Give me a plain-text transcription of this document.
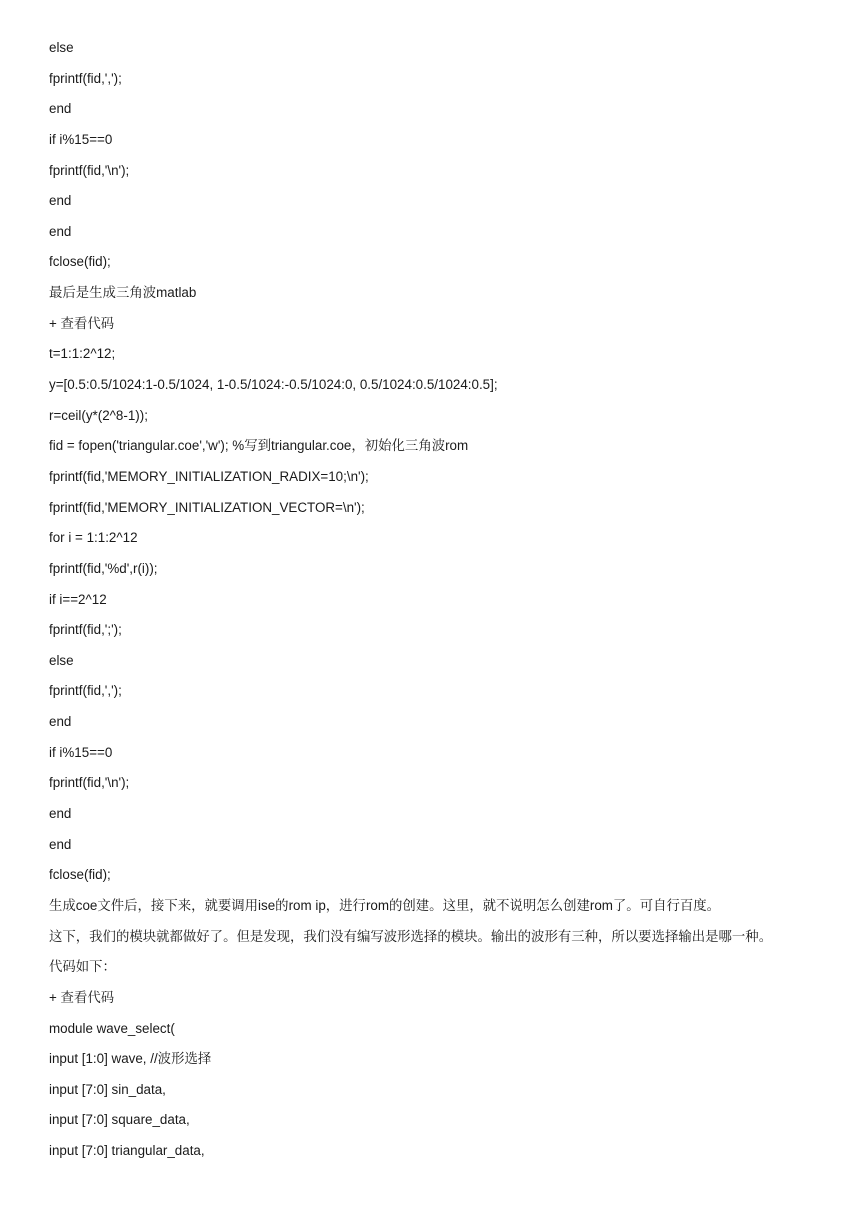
else
fprintf(fid,',');
end
if i%15==0
fprintf(fid,'\n');
end
end
fclose(fid);
最后是生成三角波matlab
+ 查看代码
t=1:1:2^12;
y=[0.5:0.5/1024:1-0.5/1024, 1-0.5/1024:-0.5/1024:0, 0.5/1024:0.5/1024:0.5];
r=ceil(y*(2^8-1));
fid = fopen('triangular.coe','w'); %写到triangular.coe，初始化三角波rom
fprintf(fid,'MEMORY_INITIALIZATION_RADIX=10;\n');
fprintf(fid,'MEMORY_INITIALIZATION_VECTOR=\n');
for i = 1:1:2^12
fprintf(fid,'%d',r(i));
if i==2^12
fprintf(fid,';');
else
fprintf(fid,',');
end
if i%15==0
fprintf(fid,'\n');
end
end
fclose(fid);
生成coe文件后，接下来，就要调用ise的rom ip，进行rom的创建。这里，就不说明怎么创建rom了。可自行百度。
这下，我们的模块就都做好了。但是发现，我们没有编写波形选择的模块。输出的波形有三种，所以要选择输出是哪一种。
代码如下：
+ 查看代码
module wave_select(
input [1:0] wave, //波形选择
input [7:0] sin_data,
input [7:0] square_data,
input [7:0] triangular_data,
